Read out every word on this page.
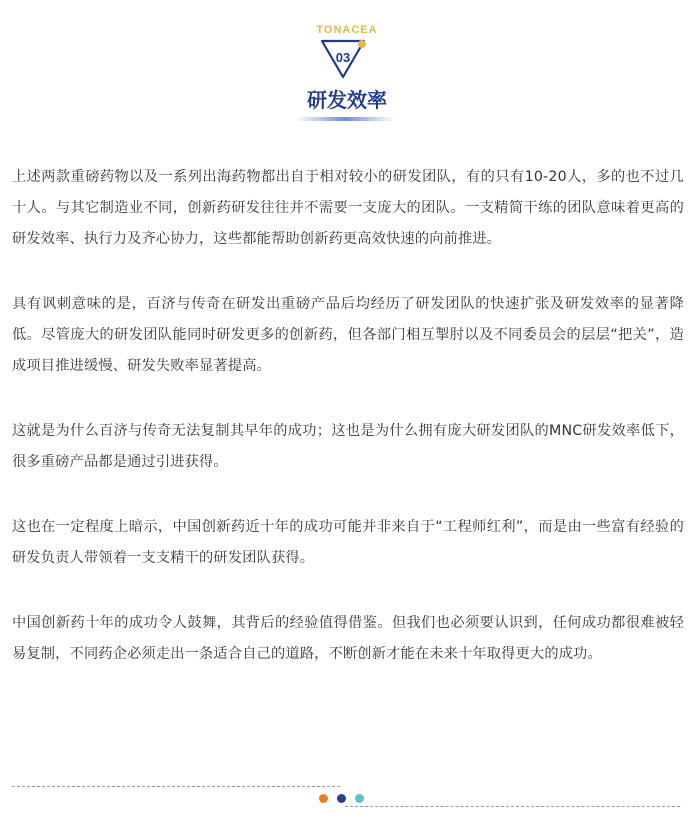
TONACEA
03
研发效率

上述两款重磅药物以及一系列出海药物都出自于相对较小的研发团队，有的只有10-20人，多的也不过几十人。与其它制造业不同，创新药研发往往并不需要一支庞大的团队。一支精简干练的团队意味着更高的研发效率、执行力及齐心协力，这些都能帮助创新药更高效快速的向前推进。

具有讽刺意味的是，百济与传奇在研发出重磅产品后均经历了研发团队的快速扩张及研发效率的显著降低。尽管庞大的研发团队能同时研发更多的创新药，但各部门相互掣肘以及不同委员会的层层“把关”，造成项目推进缓慢、研发失败率显著提高。

这就是为什么百济与传奇无法复制其早年的成功；这也是为什么拥有庞大研发团队的MNC研发效率低下，很多重磅产品都是通过引进获得。

这也在一定程度上暗示，中国创新药近十年的成功可能并非来自于“工程师红利”，而是由一些富有经验的研发负责人带领着一支支精干的研发团队获得。

中国创新药十年的成功令人鼓舞，其背后的经验值得借鉴。但我们也必须要认识到，任何成功都很难被轻易复制，不同药企必须走出一条适合自己的道路，不断创新才能在未来十年取得更大的成功。
